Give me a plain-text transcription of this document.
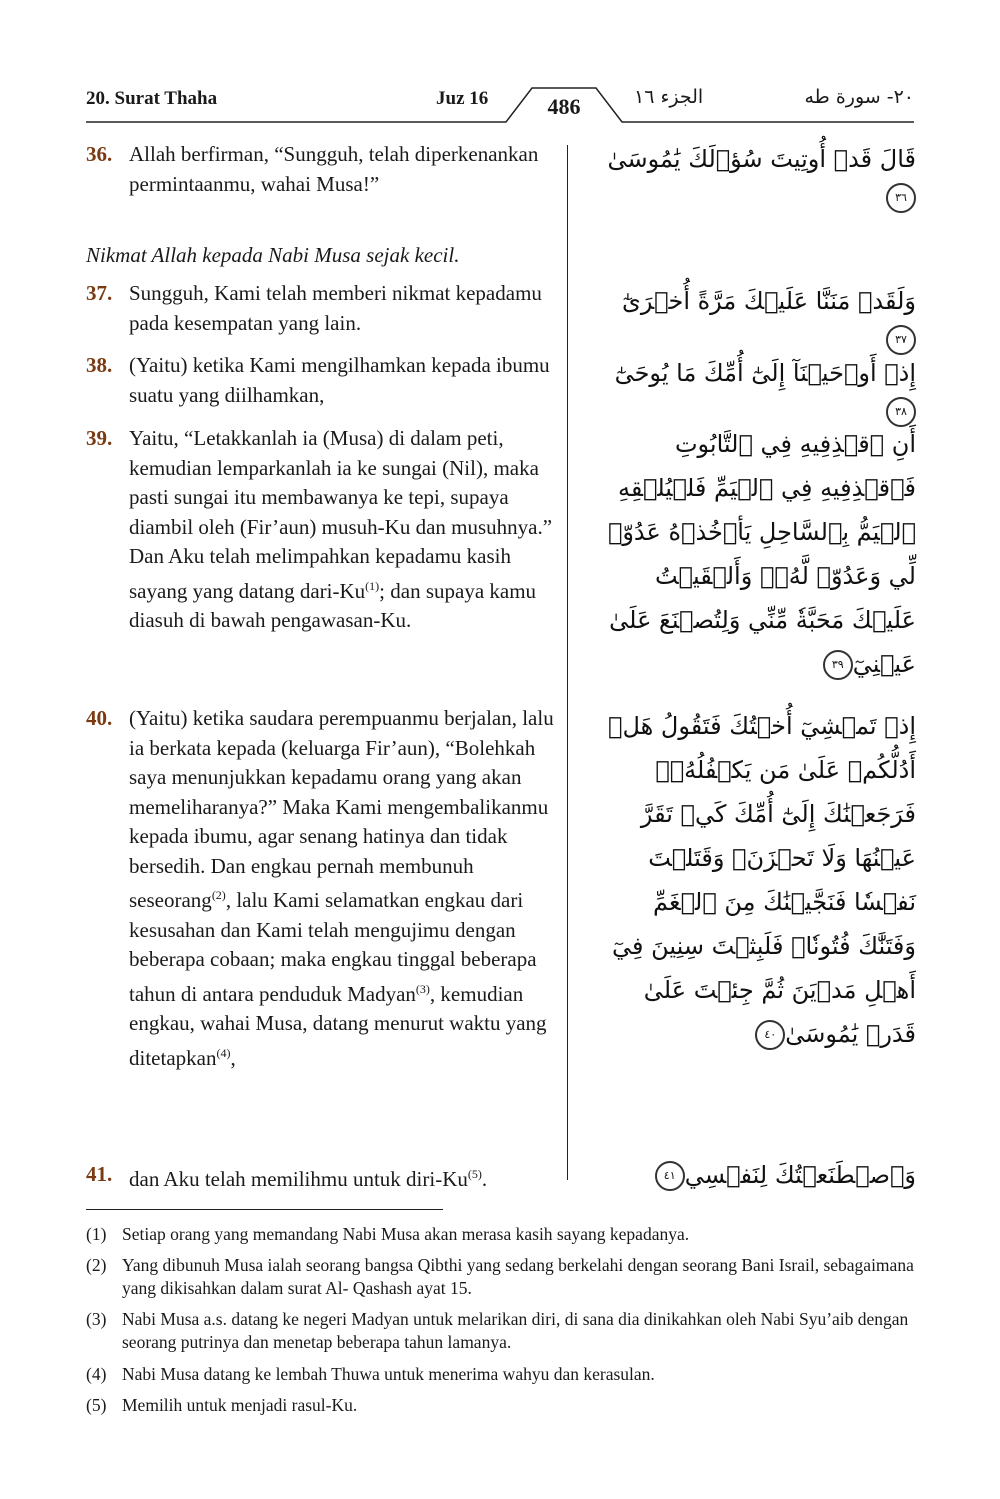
20. Surat Thaha	Juz 16	486	الجزء ١٦	٢٠- سورة طه
36. Allah berfirman, “Sungguh, telah diperkenankan permintaanmu, wahai Musa!”
قَالَ قَدۡ أُوتِيتَ سُؤۡلَكَ يَٰمُوسَىٰ٣٦
Nikmat Allah kepada Nabi Musa sejak kecil.
37. Sungguh, Kami telah memberi nikmat kepadamu pada kesempatan yang lain.
وَلَقَدۡ مَنَنَّا عَلَيۡكَ مَرَّةً أُخۡرَىٰٓ٣٧
38. (Yaitu) ketika Kami mengilhamkan kepada ibumu suatu yang diilhamkan,
إِذۡ أَوۡحَيۡنَآ إِلَىٰٓ أُمِّكَ مَا يُوحَىٰٓ٣٨
39. Yaitu, “Letakkanlah ia (Musa) di dalam peti, kemudian lemparkanlah ia ke sungai (Nil), maka pasti sungai itu membawanya ke tepi, supaya diambil oleh (Fir’aun) musuh-Ku dan musuhnya.” Dan Aku telah melimpahkan kepadamu kasih sayang yang datang dari-Ku$^{(1)}$; dan supaya kamu diasuh di bawah pengawasan-Ku.
أَنِ ٱقۡذِفِيهِ فِي ٱلتَّابُوتِ فَٱقۡذِفِيهِ فِي ٱلۡيَمِّ فَلۡيُلۡقِهِ ٱلۡيَمُّ بِٱلسَّاحِلِ يَأۡخُذۡهُ عَدُوّٞ لِّي وَعَدُوّٞ لَّهُۥۚ وَأَلۡقَيۡتُ عَلَيۡكَ مَحَبَّةٗ مِّنِّي وَلِتُصۡنَعَ عَلَىٰ عَيۡنِيٓ٣٩
40. (Yaitu) ketika saudara perempuanmu berjalan, lalu ia berkata kepada (keluarga Fir’aun), “Bolehkah saya menunjukkan kepadamu orang yang akan memeliharanya?” Maka Kami mengembalikanmu kepada ibumu, agar senang hatinya dan tidak bersedih. Dan engkau pernah membunuh seseorang$^{(2)}$, lalu Kami selamatkan engkau dari kesusahan dan Kami telah mengujimu dengan beberapa cobaan; maka engkau tinggal beberapa tahun di antara penduduk Madyan$^{(3)}$, kemudian engkau, wahai Musa, datang menurut waktu yang ditetapkan$^{(4)}$,
إِذۡ تَمۡشِيٓ أُخۡتُكَ فَتَقُولُ هَلۡ أَدُلُّكُمۡ عَلَىٰ مَن يَكۡفُلُهُۥۖ فَرَجَعۡنَٰكَ إِلَىٰٓ أُمِّكَ كَيۡ تَقَرَّ عَيۡنُهَا وَلَا تَحۡزَنَۚ وَقَتَلۡتَ نَفۡسٗا فَنَجَّيۡنَٰكَ مِنَ ٱلۡغَمِّ وَفَتَنَّٰكَ فُتُونٗاۚ فَلَبِثۡتَ سِنِينَ فِيٓ أَهۡلِ مَدۡيَنَ ثُمَّ جِئۡتَ عَلَىٰ قَدَرٖ يَٰمُوسَىٰ٤٠
41. dan Aku telah memilihmu untuk diri-Ku$^{(5)}$.	وَٱصۡطَنَعۡتُكَ لِنَفۡسِي٤١
(1) Setiap orang yang memandang Nabi Musa akan merasa kasih sayang kepadanya.
(2) Yang dibunuh Musa ialah seorang bangsa Qibthi yang sedang berkelahi dengan seorang Bani Israil, sebagaimana yang dikisahkan dalam surat Al- Qashash ayat 15.
(3) Nabi Musa a.s. datang ke negeri Madyan untuk melarikan diri, di sana dia dinikahkan oleh Nabi Syu’aib dengan seorang putrinya dan menetap beberapa tahun lamanya.
(4) Nabi Musa datang ke lembah Thuwa untuk menerima wahyu dan kerasulan.
(5) Memilih untuk menjadi rasul-Ku.
